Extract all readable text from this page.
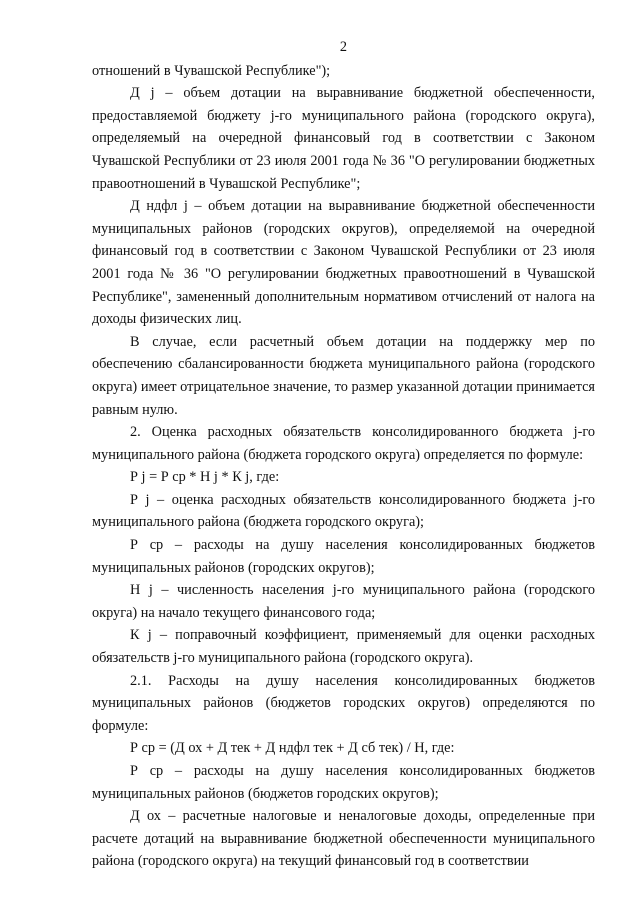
2

отношений в Чувашской Республике");

Д j – объем дотации на выравнивание бюджетной обеспеченности, предоставляемой бюджету j-го муниципального района (городского округа), определяемый на очередной финансовый год в соответствии с Законом Чувашской Республики от 23 июля 2001 года № 36 "О регулировании бюджетных правоотношений в Чувашской Республике";

Д ндфл j – объем дотации на выравнивание бюджетной обеспеченности муниципальных районов (городских округов), определяемой на очередной финансовый год в соответствии с Законом Чувашской Республики от 23 июля 2001 года № 36 "О регулировании бюджетных правоотношений в Чувашской Республике", замененный дополнительным нормативом отчислений от налога на доходы физических лиц.

В случае, если расчетный объем дотации на поддержку мер по обеспечению сбалансированности бюджета муниципального района (городского округа) имеет отрицательное значение, то размер указанной дотации принимается равным нулю.

2. Оценка расходных обязательств консолидированного бюджета j-го муниципального района (бюджета городского округа) определяется по формуле:

Р j = Р ср * Н j * К j, где:

Р j – оценка расходных обязательств консолидированного бюджета j-го муниципального района (бюджета городского округа);

Р ср – расходы на душу населения консолидированных бюджетов муниципальных районов (городских округов);

Н j – численность населения j-го муниципального района (городского округа) на начало текущего финансового года;

К j – поправочный коэффициент, применяемый для оценки расходных обязательств j-го муниципального района (городского округа).

2.1. Расходы на душу населения консолидированных бюджетов муниципальных районов (бюджетов городских округов) определяются по формуле:

Р ср = (Д ох + Д тек + Д ндфл тек + Д сб тек) / Н, где:

Р ср – расходы на душу населения консолидированных бюджетов муниципальных районов (бюджетов городских округов);

Д ох – расчетные налоговые и неналоговые доходы, определенные при расчете дотаций на выравнивание бюджетной обеспеченности муниципального района (городского округа) на текущий финансовый год в соответствии
